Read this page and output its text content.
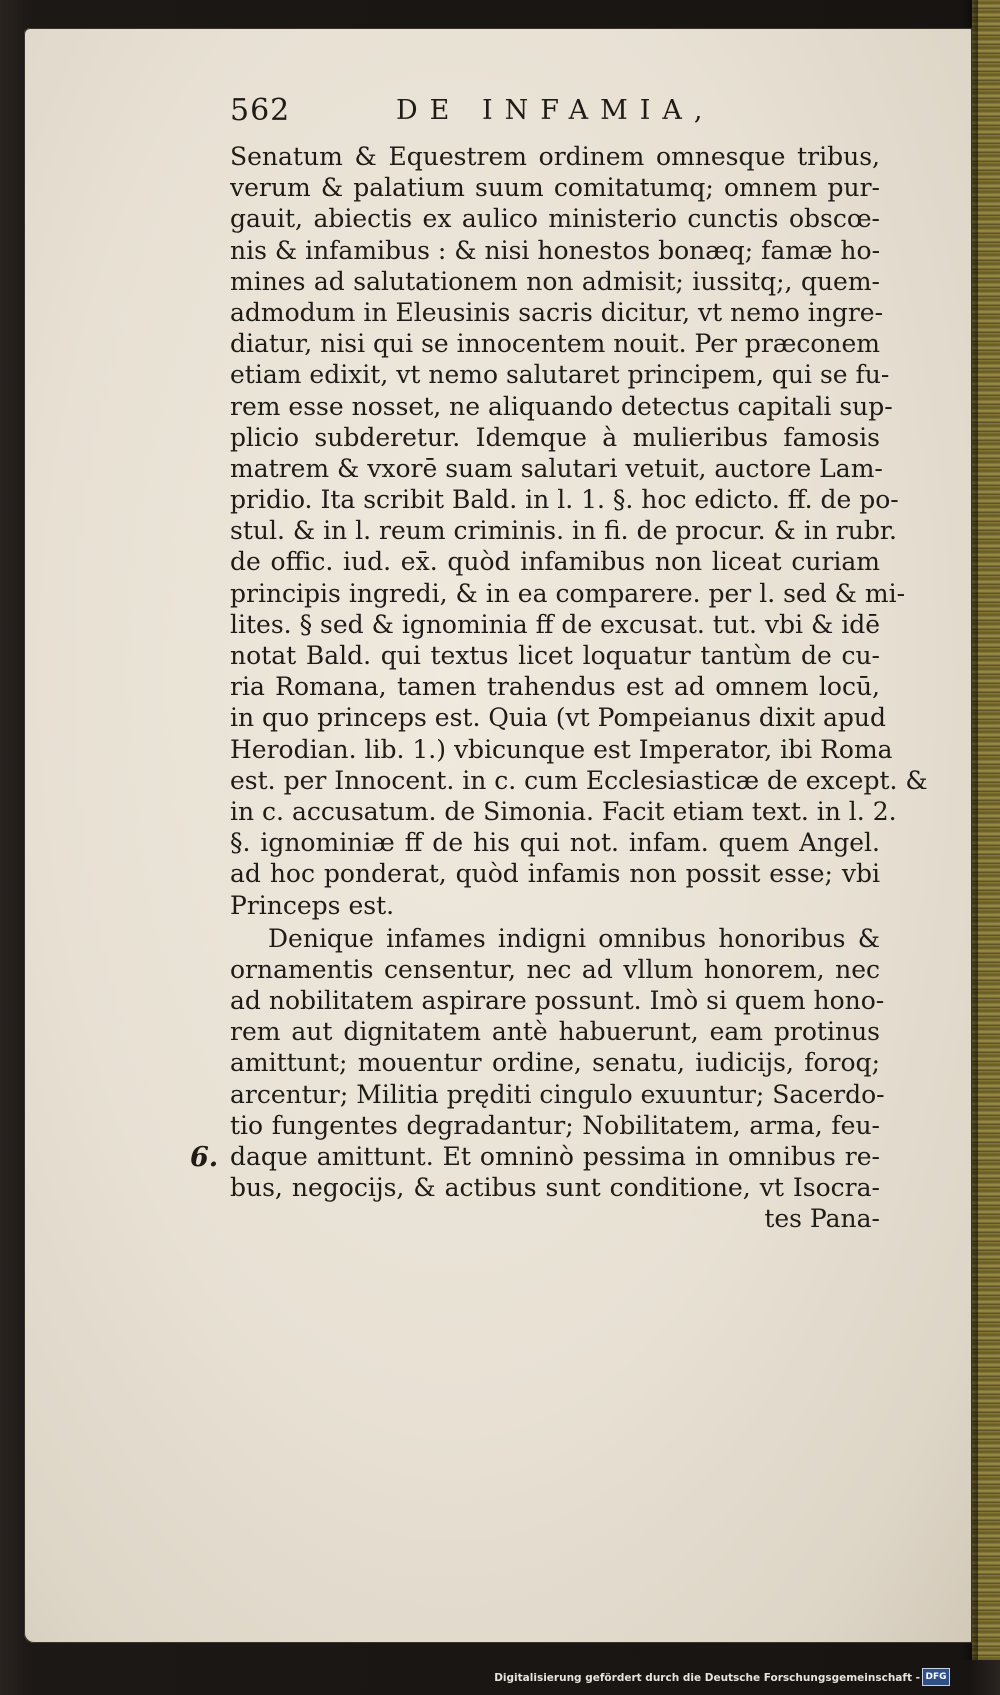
562	DE INFAMIA,
Senatum & Equestrem ordinem omnesque tribus,
verum & palatium suum comitatumq; omnem pur-
gauit, abiectis ex aulico ministerio cunctis obscœ-
nis & infamibus : & nisi honestos bonæq; famæ ho-
mines ad salutationem non admisit; iussitq;, quem-
admodum in Eleusinis sacris dicitur, vt nemo ingre-
diatur, nisi qui se innocentem nouit. Per præconem
etiam edixit, vt nemo salutaret principem, qui se fu-
rem esse nosset, ne aliquando detectus capitali sup-
plicio subderetur. Idemque à mulieribus famosis
matrem & vxorē suam salutari vetuit, auctore Lam-
pridio. Ita scribit Bald. in l. 1. §. hoc edicto. ff. de po-
stul. & in l. reum criminis. in fi. de procur. & in rubr.
de offic. iud. ex̄. quòd infamibus non liceat curiam
principis ingredi, & in ea comparere. per l. sed & mi-
lites. § sed & ignominia ff de excusat. tut. vbi & idē
notat Bald. qui textus licet loquatur tantùm de cu-
ria Romana, tamen trahendus est ad omnem locū,
in quo princeps est. Quia (vt Pompeianus dixit apud
Herodian. lib. 1.) vbicunque est Imperator, ibi Roma
est. per Innocent. in c. cum Ecclesiasticæ de except. &
in c. accusatum. de Simonia. Facit etiam text. in l. 2.
§. ignominiæ ff de his qui not. infam. quem Angel.
ad hoc ponderat, quòd infamis non possit esse; vbi
Princeps est.
Denique infames indigni omnibus honoribus &
ornamentis censentur, nec ad vllum honorem, nec
ad nobilitatem aspirare possunt. Imò si quem hono-
rem aut dignitatem antè habuerunt, eam protinus
amittunt; mouentur ordine, senatu, iudicijs, foroq;
arcentur; Militia pręditi cingulo exuuntur; Sacerdo-
tio fungentes degradantur; Nobilitatem, arma, feu-
daque amittunt. Et omninò pessima in omnibus re-
bus, negocijs, & actibus sunt conditione, vt Isocra-
tes Pana-
6.
Digitalisierung gefördert durch die Deutsche Forschungsgemeinschaft - DFG
